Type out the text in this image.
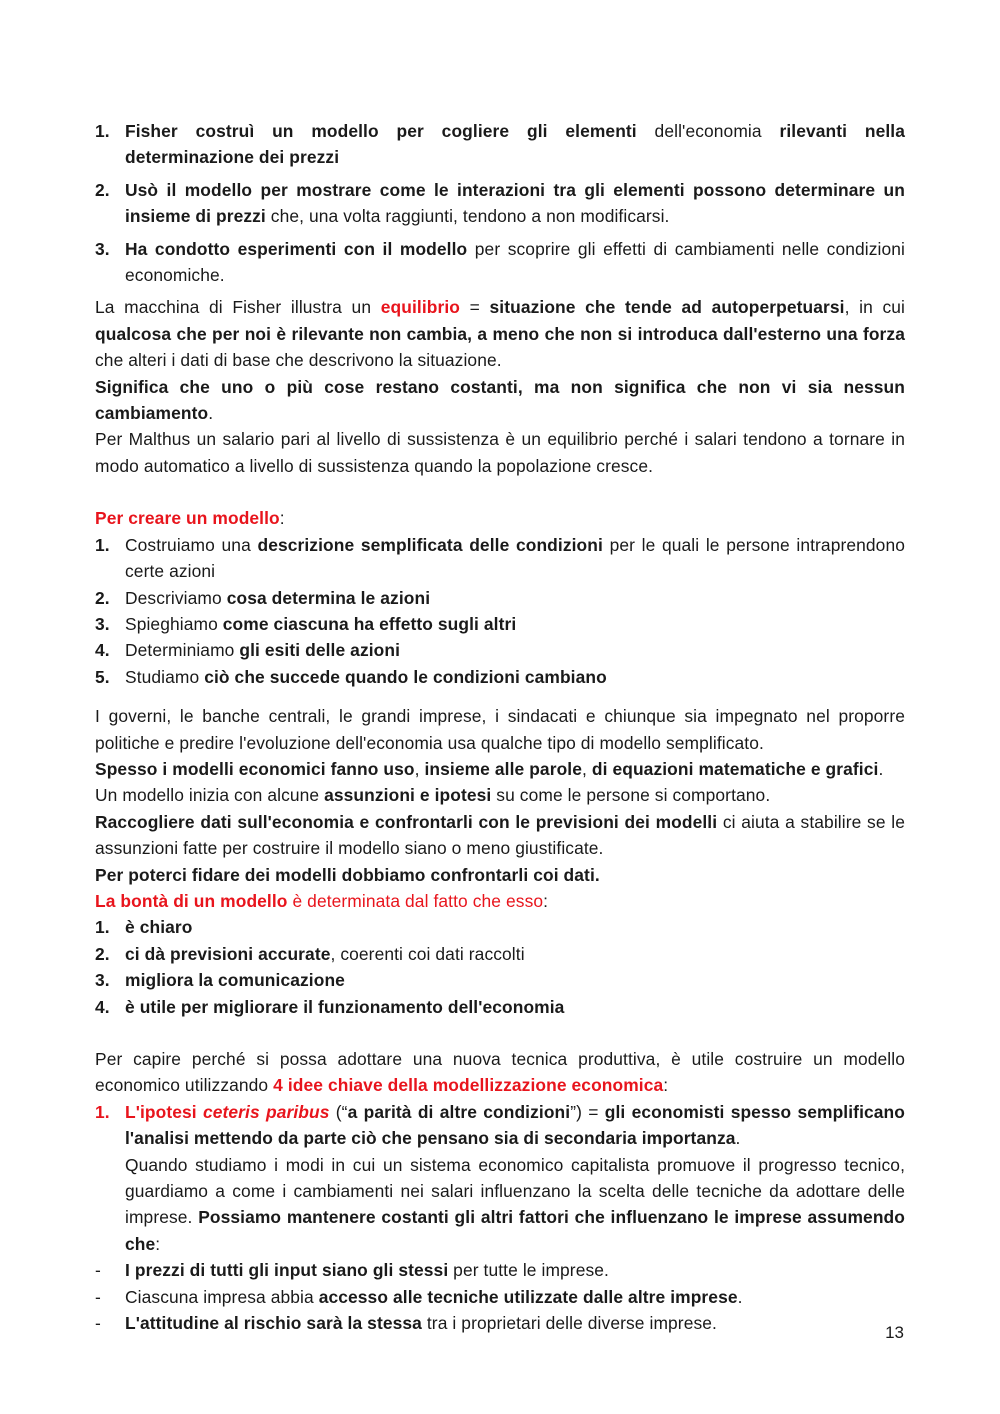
1. Fisher costruì un modello per cogliere gli elementi dell'economia rilevanti nella determinazione dei prezzi
2. Usò il modello per mostrare come le interazioni tra gli elementi possono determinare un insieme di prezzi che, una volta raggiunti, tendono a non modificarsi.
3. Ha condotto esperimenti con il modello per scoprire gli effetti di cambiamenti nelle condizioni economiche.

La macchina di Fisher illustra un equilibrio = situazione che tende ad autoperpetuarsi, in cui qualcosa che per noi è rilevante non cambia, a meno che non si introduca dall'esterno una forza che alteri i dati di base che descrivono la situazione.

Significa che uno o più cose restano costanti, ma non significa che non vi sia nessun cambiamento.

Per Malthus un salario pari al livello di sussistenza è un equilibrio perché i salari tendono a tornare in modo automatico a livello di sussistenza quando la popolazione cresce.

Per creare un modello:

1. Costruiamo una descrizione semplificata delle condizioni per le quali le persone intraprendono certe azioni
2. Descriviamo cosa determina le azioni
3. Spieghiamo come ciascuna ha effetto sugli altri
4. Determiniamo gli esiti delle azioni
5. Studiamo ciò che succede quando le condizioni cambiano

I governi, le banche centrali, le grandi imprese, i sindacati e chiunque sia impegnato nel proporre politiche e predire l'evoluzione dell'economia usa qualche tipo di modello semplificato.

Spesso i modelli economici fanno uso, insieme alle parole, di equazioni matematiche e grafici.

Un modello inizia con alcune assunzioni e ipotesi su come le persone si comportano.

Raccogliere dati sull'economia e confrontarli con le previsioni dei modelli ci aiuta a stabilire se le assunzioni fatte per costruire il modello siano o meno giustificate.

Per poterci fidare dei modelli dobbiamo confrontarli coi dati.

La bontà di un modello è determinata dal fatto che esso:

1. è chiaro
2. ci dà previsioni accurate, coerenti coi dati raccolti
3. migliora la comunicazione
4. è utile per migliorare il funzionamento dell'economia

Per capire perché si possa adottare una nuova tecnica produttiva, è utile costruire un modello economico utilizzando 4 idee chiave della modellizzazione economica:

1. L'ipotesi ceteris paribus (“a parità di altre condizioni”) = gli economisti spesso semplificano l'analisi mettendo da parte ciò che pensano sia di secondaria importanza.
Quando studiamo i modi in cui un sistema economico capitalista promuove il progresso tecnico, guardiamo a come i cambiamenti nei salari influenzano la scelta delle tecniche da adottare delle imprese. Possiamo mantenere costanti gli altri fattori che influenzano le imprese assumendo che:
- I prezzi di tutti gli input siano gli stessi per tutte le imprese.
- Ciascuna impresa abbia accesso alle tecniche utilizzate dalle altre imprese.
- L'attitudine al rischio sarà la stessa tra i proprietari delle diverse imprese.	13
